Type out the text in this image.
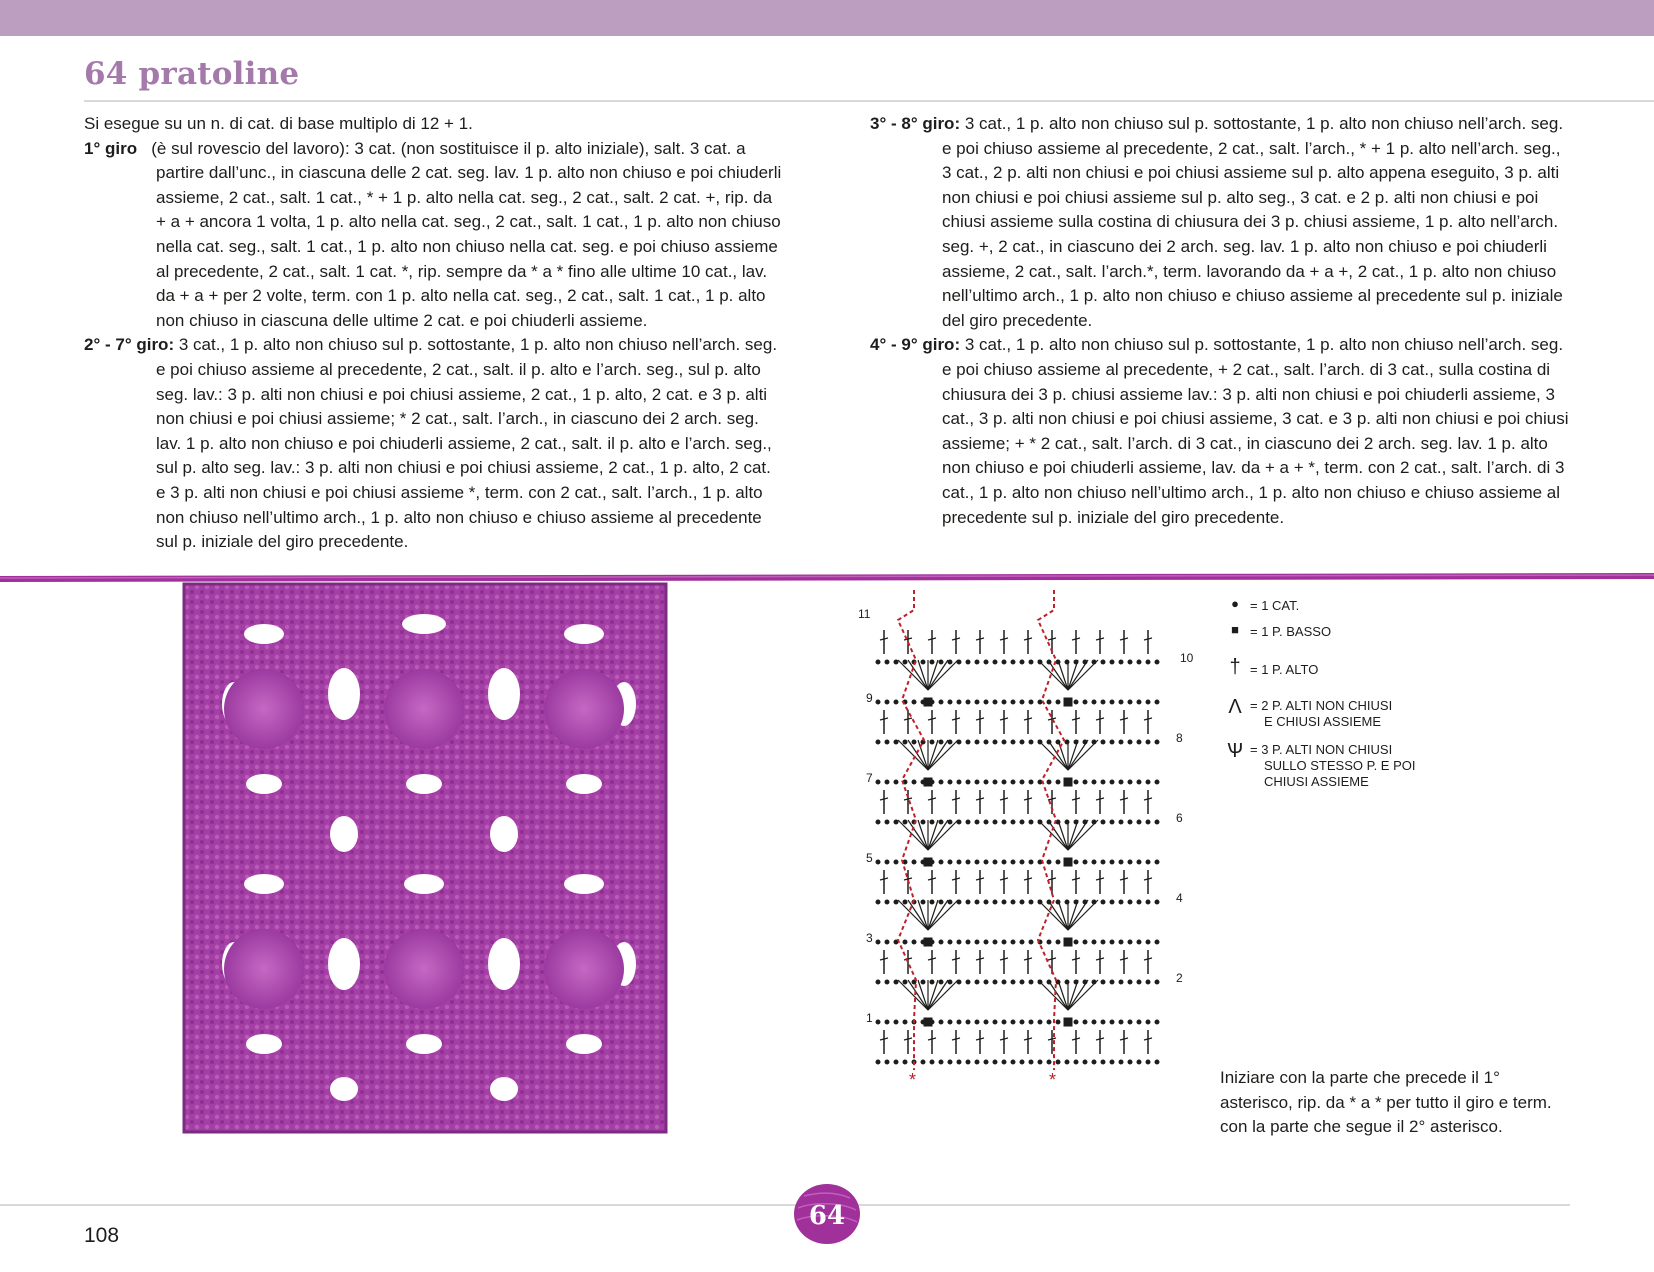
64 pratoline

Si esegue su un n. di cat. di base multiplo di 12 + 1.

1° giro (è sul rovescio del lavoro): 3 cat. (non sostituisce il p. alto iniziale), salt. 3 cat. a partire dall’unc., in ciascuna delle 2 cat. seg. lav. 1 p. alto non chiuso e poi chiuderli assieme, 2 cat., salt. 1 cat., * + 1 p. alto nella cat. seg., 2 cat., salt. 2 cat. +, rip. da + a + ancora 1 volta, 1 p. alto nella cat. seg., 2 cat., salt. 1 cat., 1 p. alto non chiuso nella cat. seg., salt. 1 cat., 1 p. alto non chiuso nella cat. seg. e poi chiuso assieme al precedente, 2 cat., salt. 1 cat. *, rip. sempre da * a * fino alle ultime 10 cat., lav. da + a + per 2 volte, term. con 1 p. alto nella cat. seg., 2 cat., salt. 1 cat., 1 p. alto non chiuso in ciascuna delle ultime 2 cat. e poi chiuderli assieme.

2° - 7° giro: 3 cat., 1 p. alto non chiuso sul p. sottostante, 1 p. alto non chiuso nell’arch. seg. e poi chiuso assieme al precedente, 2 cat., salt. il p. alto e l’arch. seg., sul p. alto seg. lav.: 3 p. alti non chiusi e poi chiusi assieme, 2 cat., 1 p. alto, 2 cat. e 3 p. alti non chiusi e poi chiusi assieme; * 2 cat., salt. l’arch., in ciascuno dei 2 arch. seg. lav. 1 p. alto non chiuso e poi chiuderli assieme, 2 cat., salt. il p. alto e l’arch. seg., sul p. alto seg. lav.: 3 p. alti non chiusi e poi chiusi assieme, 2 cat., 1 p. alto, 2 cat. e 3 p. alti non chiusi e poi chiusi assieme *, term. con 2 cat., salt. l’arch., 1 p. alto non chiuso nell’ultimo arch., 1 p. alto non chiuso e chiuso assieme al precedente sul p. iniziale del giro precedente.

3° - 8° giro: 3 cat., 1 p. alto non chiuso sul p. sottostante, 1 p. alto non chiuso nell’arch. seg. e poi chiuso assieme al precedente, 2 cat., salt. l’arch., * + 1 p. alto nell’arch. seg., 3 cat., 2 p. alti non chiusi e poi chiusi assieme sul p. alto appena eseguito, 3 p. alti non chiusi e poi chiusi assieme sul p. alto seg., 3 cat. e 2 p. alti non chiusi e poi chiusi assieme sulla costina di chiusura dei 3 p. chiusi assieme, 1 p. alto nell’arch. seg. +, 2 cat., in ciascuno dei 2 arch. seg. lav. 1 p. alto non chiuso e poi chiuderli assieme, 2 cat., salt. l’arch.*, term. lavorando da + a +, 2 cat., 1 p. alto non chiuso nell’ultimo arch., 1 p. alto non chiuso e chiuso assieme al precedente sul p. iniziale del giro precedente.

4° - 9° giro: 3 cat., 1 p. alto non chiuso sul p. sottostante, 1 p. alto non chiuso nell’arch. seg. e poi chiuso assieme al precedente, + 2 cat., salt. l’arch. di 3 cat., sulla costina di chiusura dei 3 p. chiusi assieme lav.: 3 p. alti non chiusi e poi chiuderli assieme, 3 cat., 3 p. alti non chiusi e poi chiusi assieme, 3 cat. e 3 p. alti non chiusi e poi chiusi assieme; + * 2 cat., salt. l’arch. di 3 cat., in ciascuno dei 2 arch. seg. lav. 1 p. alto non chiuso e poi chiuderli assieme, lav. da + a + *, term. con 2 cat., salt. l’arch. di 3 cat., 1 p. alto non chiuso nell’ultimo arch., 1 p. alto non chiuso e chiuso assieme al precedente sul p. iniziale del giro precedente.

11
9
7
5
3
1
10
8
6
4
2
*	*
● = 1 CAT.
■ = 1 P. BASSO
† = 1 P. ALTO
Λ = 2 P. ALTI NON CHIUSI
E CHIUSI ASSIEME
Ѱ = 3 P. ALTI NON CHIUSI
SULLO STESSO P. E POI
CHIUSI ASSIEME
Iniziare con la parte che precede il 1° asterisco, rip. da * a * per tutto il giro e term. con la parte che segue il 2° asterisco.
108
64
